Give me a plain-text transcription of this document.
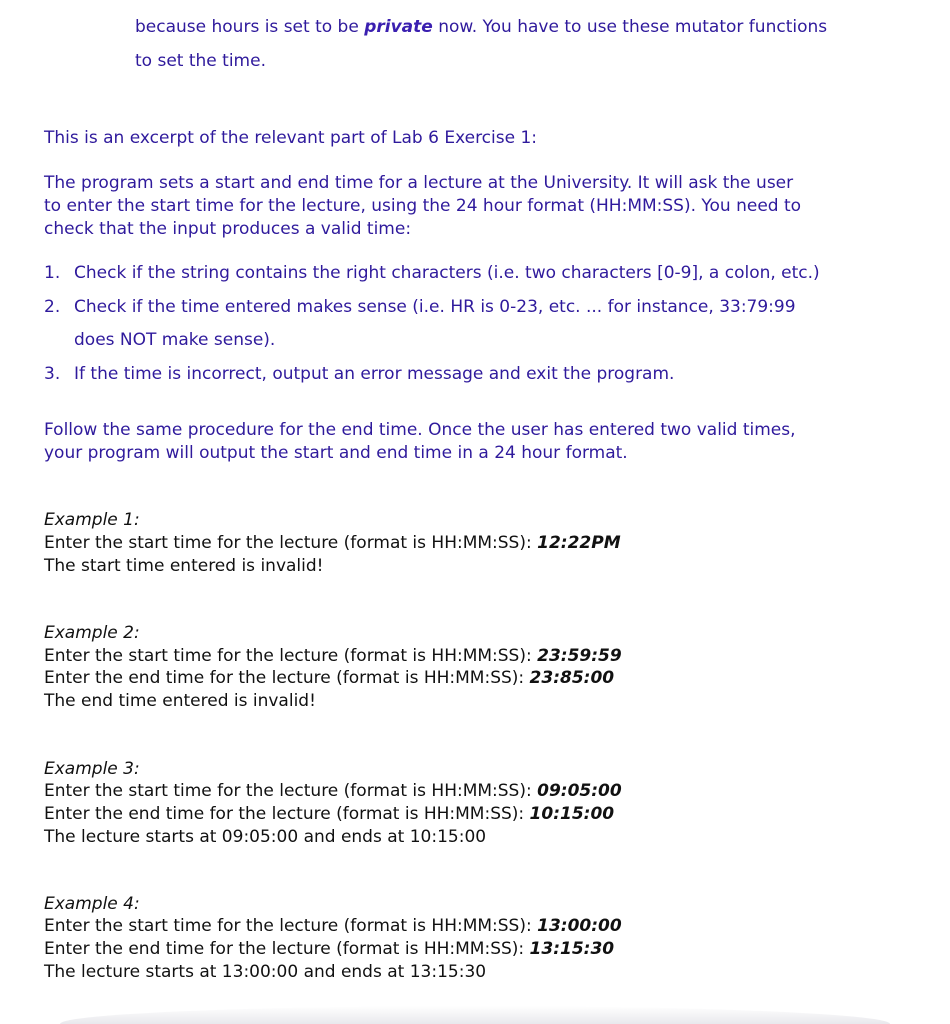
because hours is set to be private now. You have to use these mutator functions
to set the time.
This is an excerpt of the relevant part of Lab 6 Exercise 1:
The program sets a start and end time for a lecture at the University. It will ask the user
to enter the start time for the lecture, using the 24 hour format (HH:MM:SS). You need to
check that the input produces a valid time:
1. Check if the string contains the right characters (i.e. two characters [0-9], a colon, etc.)
2. Check if the time entered makes sense (i.e. HR is 0-23, etc. ... for instance, 33:79:99
does NOT make sense).
3. If the time is incorrect, output an error message and exit the program.
Follow the same procedure for the end time. Once the user has entered two valid times,
your program will output the start and end time in a 24 hour format.
Example 1:
Enter the start time for the lecture (format is HH:MM:SS): 12:22PM
The start time entered is invalid!
Example 2:
Enter the start time for the lecture (format is HH:MM:SS): 23:59:59
Enter the end time for the lecture (format is HH:MM:SS): 23:85:00
The end time entered is invalid!
Example 3:
Enter the start time for the lecture (format is HH:MM:SS): 09:05:00
Enter the end time for the lecture (format is HH:MM:SS): 10:15:00
The lecture starts at 09:05:00 and ends at 10:15:00
Example 4:
Enter the start time for the lecture (format is HH:MM:SS): 13:00:00
Enter the end time for the lecture (format is HH:MM:SS): 13:15:30
The lecture starts at 13:00:00 and ends at 13:15:30
